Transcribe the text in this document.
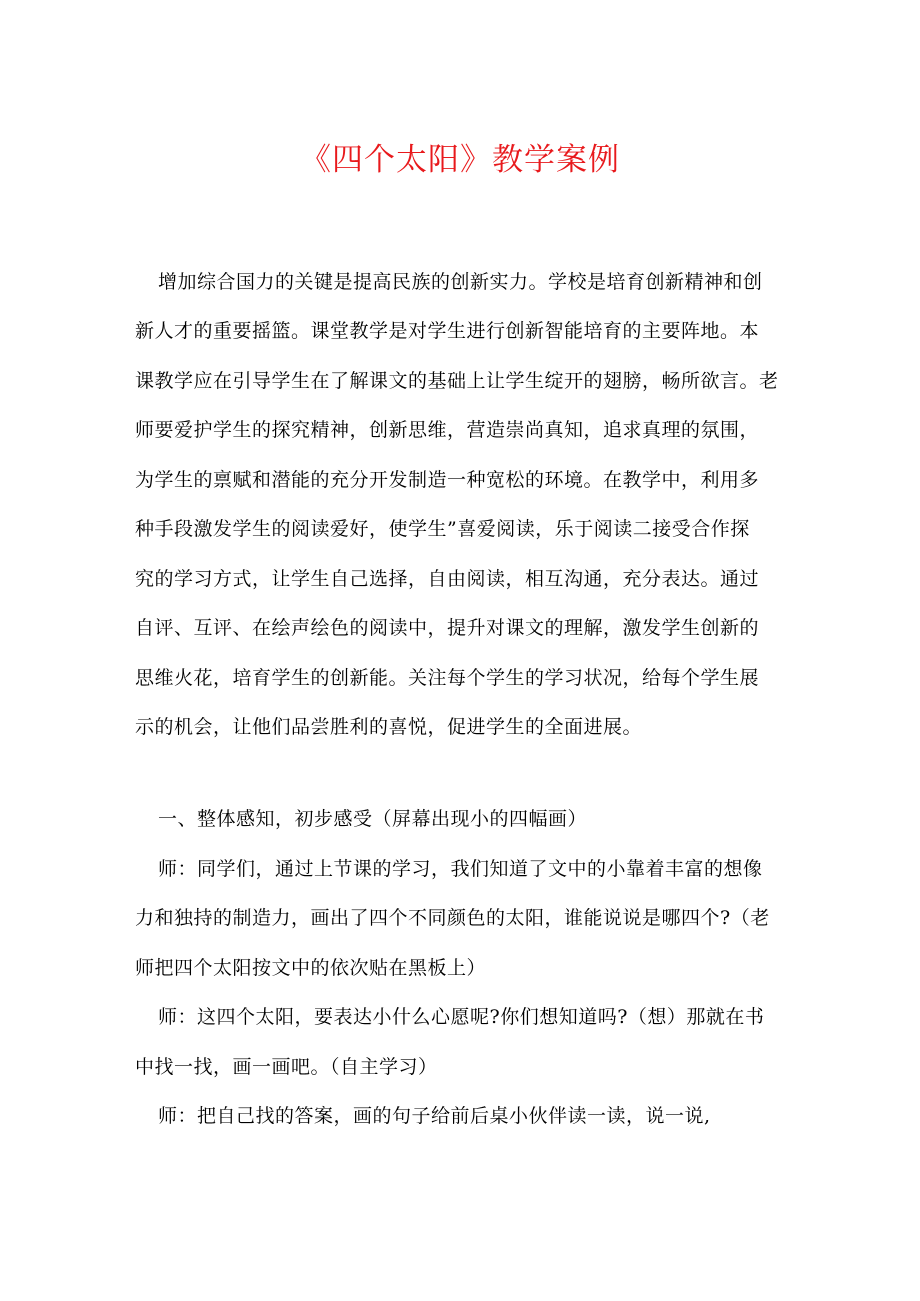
《四个太阳》教学案例
增加综合国力的关键是提高民族的创新实力。学校是培育创新精神和创
新人才的重要摇篮。课堂教学是对学生进行创新智能培育的主要阵地。本
课教学应在引导学生在了解课文的基础上让学生绽开的翅膀，畅所欲言。老
师要爱护学生的探究精神，创新思维，营造崇尚真知，追求真理的氛围，
为学生的禀赋和潜能的充分开发制造一种宽松的环境。在教学中，利用多
种手段激发学生的阅读爱好，使学生”喜爱阅读，乐于阅读二接受合作探
究的学习方式，让学生自己选择，自由阅读，相互沟通，充分表达。通过
自评、互评、在绘声绘色的阅读中，提升对课文的理解，激发学生创新的
思维火花，培育学生的创新能。关注每个学生的学习状况，给每个学生展
示的机会，让他们品尝胜利的喜悦，促进学生的全面进展。
一、整体感知，初步感受（屏幕出现小的四幅画）
师：同学们，通过上节课的学习，我们知道了文中的小靠着丰富的想像
力和独持的制造力，画出了四个不同颜色的太阳，谁能说说是哪四个?（老
师把四个太阳按文中的依次贴在黑板上）
师：这四个太阳，要表达小什么心愿呢?你们想知道吗?（想）那就在书
中找一找，画一画吧。（自主学习）
师：把自己找的答案，画的句子给前后桌小伙伴读一读，说一说,
